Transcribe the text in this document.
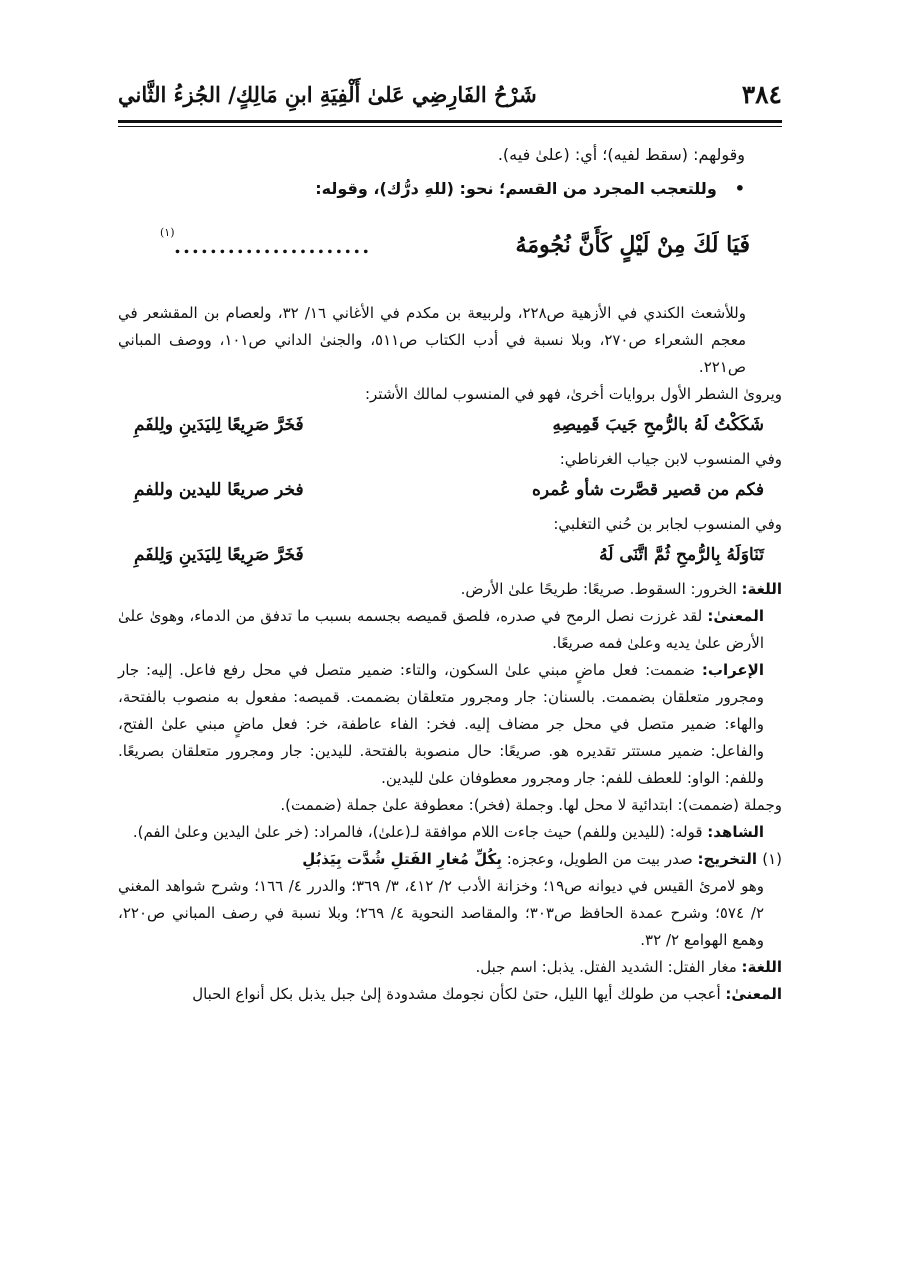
٣٨٤
شَرْحُ الفَارِضِي عَلىٰ أَلْفِيَةِ ابنِ مَالِكٍ/ الجُزءُ الثَّاني

وقولهم: (سقط لفيه)؛ أي: (علىٰ فيه).

•وللتعجب المجرد من القسم؛ نحو: (للهِ درُّك)، وقوله:

فَيَا لَكَ مِنْ لَيْلٍ كَأَنَّ نُجُومَهُ
......................
(١)

وللأشعث الكندي في الأزهية ص٢٢٨، ولربيعة بن مكدم في الأغاني ١٦/ ٣٢، ولعصام بن المقشعر في معجم الشعراء ص٢٧٠، وبلا نسبة في أدب الكتاب ص٥١١، والجنىٰ الداني ص١٠١، ووصف المباني ص٢٢١.

ويروىٰ الشطر الأول بروايات أخرىٰ، فهو في المنسوب لمالك الأشتر:

شَكَكْتُ لَهُ بالرُّمحِ جَيبَ قَمِيصِهِ
فَخَرَّ صَرِيعًا لِليَدَينِ ولِلفَمِ

وفي المنسوب لابن جياب الغرناطي:

فكم من قصير قصَّرت شأو عُمره
فخر صريعًا لليدين وللفمِ

وفي المنسوب لجابر بن حُني التغلبي:

تَنَاوَلَهُ بِالرُّمحِ ثُمَّ اتَّنَى لَهُ
فَخَرَّ صَرِيعًا لِليَدَينِ وَلِلفَمِ

اللغة: الخرور: السقوط. صريعًا: طريحًا علىٰ الأرض.

المعنىٰ: لقد غرزت نصل الرمح في صدره، فلصق قميصه بجسمه بسبب ما تدفق من الدماء، وهوىٰ علىٰ الأرض علىٰ يديه وعلىٰ فمه صريعًا.

الإعراب: ضممت: فعل ماضٍ مبني علىٰ السكون، والتاء: ضمير متصل في محل رفع فاعل. إليه: جار ومجرور متعلقان بضممت. بالسنان: جار ومجرور متعلقان بضممت. قميصه: مفعول به منصوب بالفتحة، والهاء: ضمير متصل في محل جر مضاف إليه. فخر: الفاء عاطفة، خر: فعل ماضٍ مبني علىٰ الفتح، والفاعل: ضمير مستتر تقديره هو. صريعًا: حال منصوبة بالفتحة. لليدين: جار ومجرور متعلقان بصريعًا. وللفم: الواو: للعطف للفم: جار ومجرور معطوفان علىٰ لليدين.

وجملة (ضممت): ابتدائية لا محل لها. وجملة (فخر): معطوفة علىٰ جملة (ضممت).

الشاهد: قوله: (لليدين وللفم) حيث جاءت اللام موافقة لـ(علىٰ)، فالمراد: (خر علىٰ اليدين وعلىٰ الفم).

(١) التخريج: صدر بيت من الطويل، وعجزه: بِكُلِّ مُغارِ الفَتلِ شُدَّت بِيَذبُلِ

وهو لامرئ القيس في ديوانه ص١٩؛ وخزانة الأدب ٢/ ٤١٢، ٣/ ٣٦٩؛ والدرر ٤/ ١٦٦؛ وشرح شواهد المغني ٢/ ٥٧٤؛ وشرح عمدة الحافظ ص٣٠٣؛ والمقاصد النحوية ٤/ ٢٦٩؛ وبلا نسبة في رصف المباني ص٢٢٠، وهمع الهوامع ٢/ ٣٢.

اللغة: مغار الفتل: الشديد الفتل. يذبل: اسم جبل.

المعنىٰ: أعجب من طولك أيها الليل، حتىٰ لكأن نجومك مشدودة إلىٰ جبل يذبل بكل أنواع الحبال
